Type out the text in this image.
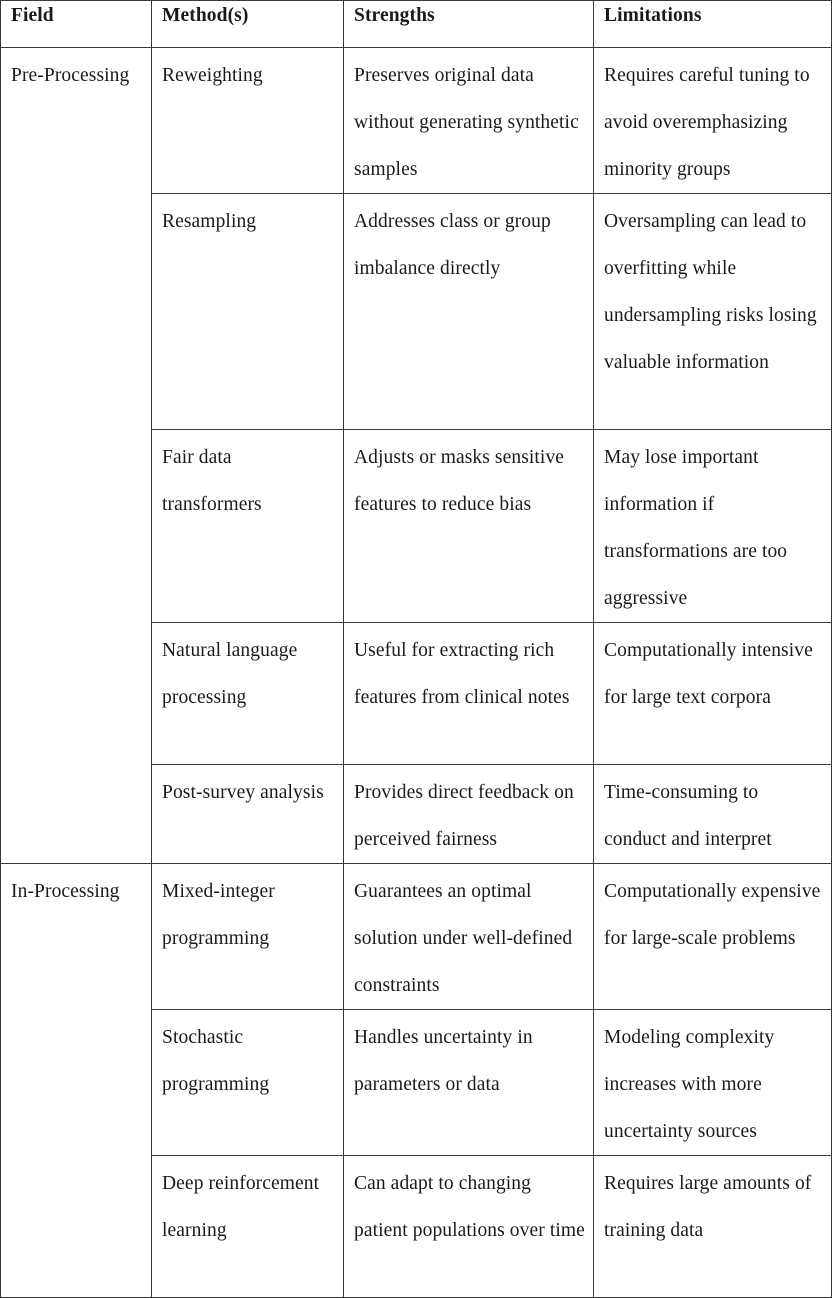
Field	Method(s)	Strengths	Limitations
Pre-Processing	Reweighting	Preserves original data without generating synthetic samples	Requires careful tuning to avoid overemphasizing minority groups
	Resampling	Addresses class or group imbalance directly	Oversampling can lead to overfitting while undersampling risks losing valuable information
	Fair data transformers	Adjusts or masks sensitive features to reduce bias	May lose important information if transformations are too aggressive
	Natural language processing	Useful for extracting rich features from clinical notes	Computationally intensive for large text corpora
	Post-survey analysis	Provides direct feedback on perceived fairness	Time-consuming to conduct and interpret
In-Processing	Mixed-integer programming	Guarantees an optimal solution under well-defined constraints	Computationally expensive for large-scale problems
	Stochastic programming	Handles uncertainty in parameters or data	Modeling complexity increases with more uncertainty sources
	Deep reinforcement learning	Can adapt to changing patient populations over time	Requires large amounts of training data
